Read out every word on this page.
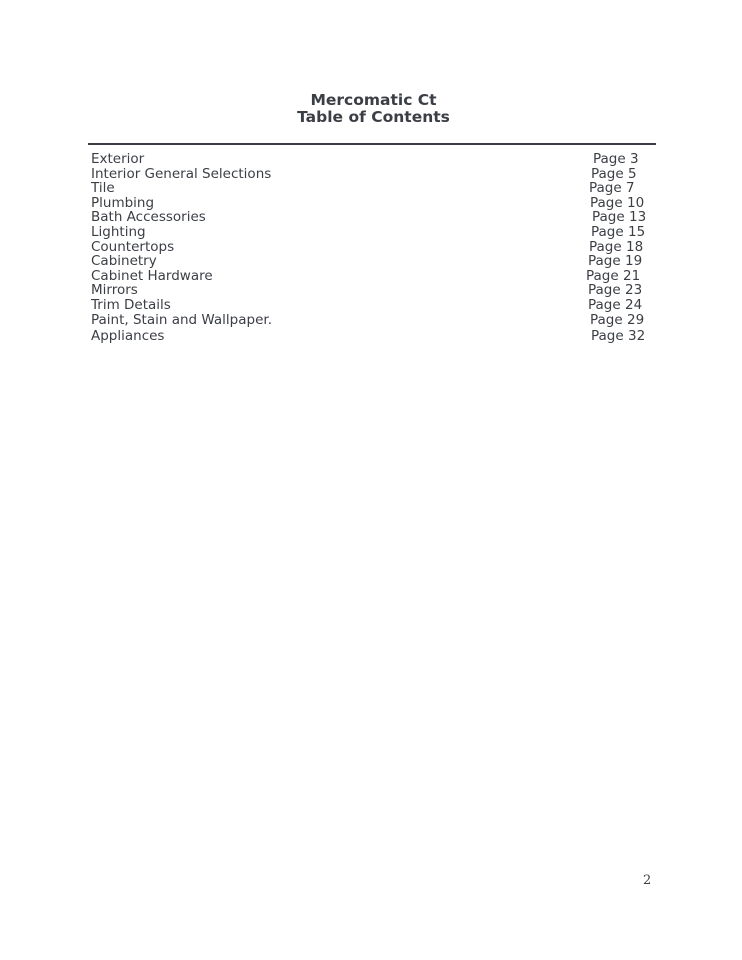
Mercomatic Ct
Table of Contents
Exterior	Page 3
Interior General Selections	Page 5
Tile	Page 7
Plumbing	Page 10
Bath Accessories	Page 13
Lighting	Page 15
Countertops	Page 18
Cabinetry	Page 19
Cabinet Hardware	Page 21
Mirrors	Page 23
Trim Details	Page 24
Paint, Stain and Wallpaper.	Page 29
Appliances	Page 32
2
